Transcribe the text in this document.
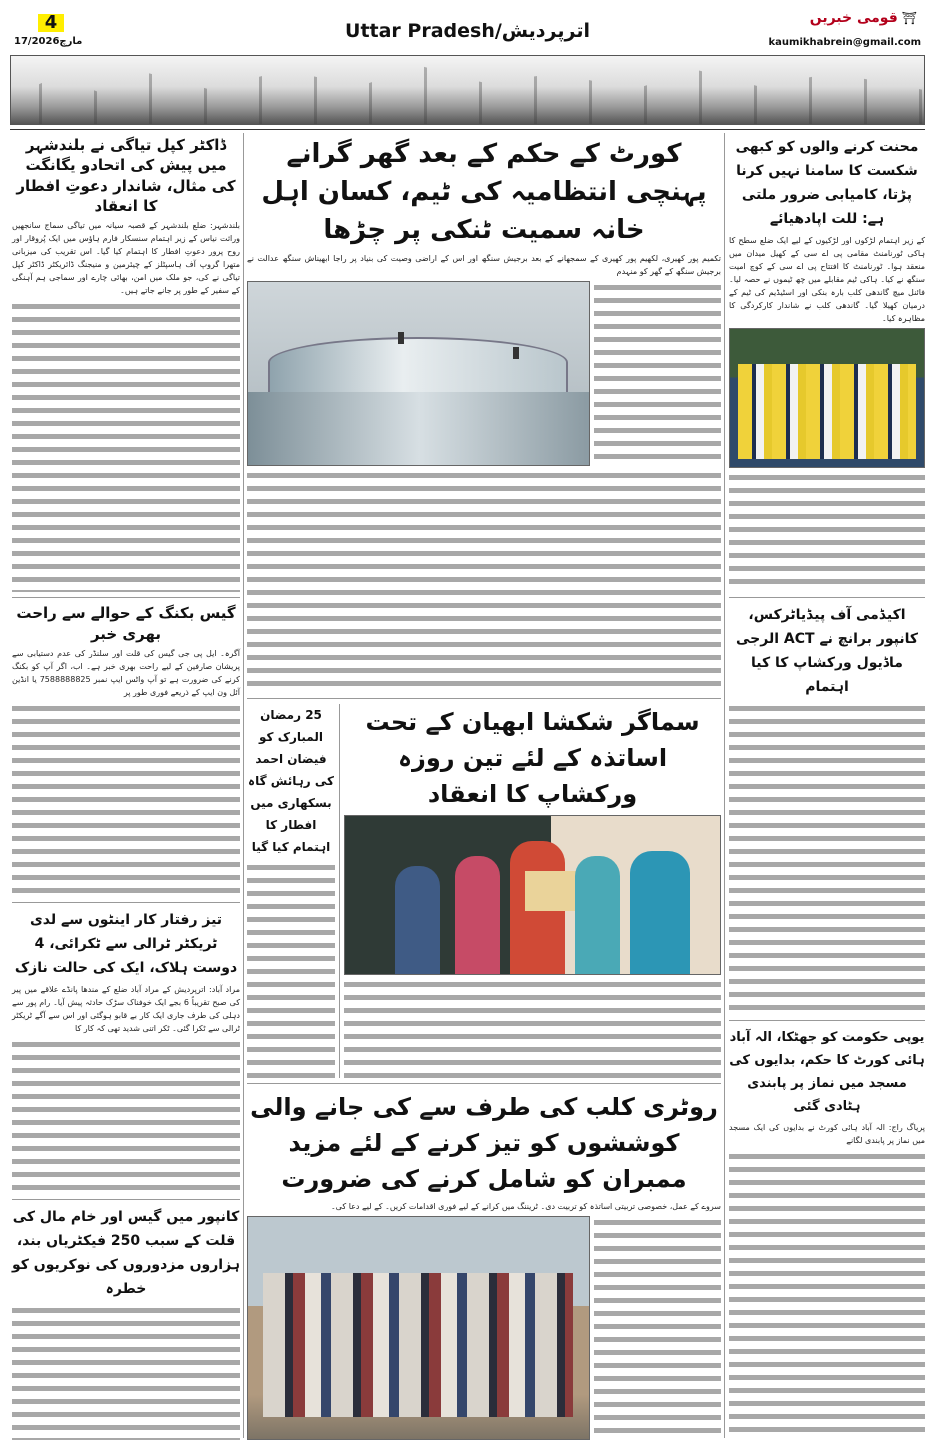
4
17/مارچ2026	Uttar Pradesh/اترپردیش
قومی خبریں ⛩
kaumikhabrein@gmail.com
ڈاکٹر کپل تیاگی نے بلندشہر میں پیش کی اتحادو یگانگت کی مثال، شاندار دعوتِ افطار کا انعقاد
بلندشہر: ضلع بلندشہر کے قصبہ سیانہ میں تیاگی سماج سانجھیں وراثت نیاس کے زیر اہتمام سنسکار فارم ہاؤس میں ایک پُروقار اور روح پرور دعوتِ افطار کا اہتمام کیا گیا۔ اس تقریب کی میزبانی متھرا گروپ آف ہاسپٹلز کے چیئرمین و منیجنگ ڈائریکٹر ڈاکٹر کپل تیاگی نے کی، جو ملک میں امن، بھائی چارے اور سماجی ہم آہنگی کے سفیر کے طور پر جانے جاتے ہیں۔
گیس بکنگ کے حوالے سے راحت بھری خبر
آگرہ۔ ایل پی جی گیس کی قلت اور سلنڈر کی عدم دستیابی سے پریشان صارفین کے لیے راحت بھری خبر ہے۔ اب، اگر آپ کو بکنگ کرنے کی ضرورت ہے تو آپ واٹس ایپ نمبر 7588888825 یا انڈین آئل ون ایپ کے ذریعے فوری طور پر
تیز رفتار کار اینٹوں سے لدی ٹریکٹر ٹرالی سے ٹکرائی، 4 دوست ہلاک، ایک کی حالت نازک
مراد آباد: اترپردیش کے مراد آباد ضلع کے مندھا پانڈے علاقے میں پیر کی صبح تقریباً 6 بجے ایک خوفناک سڑک حادثہ پیش آیا۔ رام پور سے دہلی کی طرف جاری ایک کار بے قابو ہوگئی اور اس سے آگے ٹریکٹر ٹرالی سے ٹکرا گئی۔ ٹکر اتنی شدید تھی کہ کار کا
کانپور میں گیس اور خام مال کی قلت کے سبب 250 فیکٹریاں بند، ہزاروں مزدوروں کی نوکریوں کو خطرہ
کورٹ کے حکم کے بعد گھر گرانے پہنچی انتظامیہ کی ٹیم، کسان اہل خانہ سمیت ٹنکی پر چڑھا
تکمیم پور کھیری، لکھیم پور کھیری کے سمجھانے کے بعد برجیش سنگھ اور اس کے اراضی وصیت کی بنیاد پر راجا ابھیناش سنگھ عدالت نے برجیش سنگھ کے گھر کو منہدم
25 رمضان المبارک کو فیضان احمد کی رہائش گاہ بسکھاری میں افطار کا اہتمام کیا گیا
سماگر شکشا ابھیان کے تحت اساتذہ کے لئے تین روزہ ورکشاپ کا انعقاد
روٹری کلب کی طرف سے کی جانے والی کوششوں کو تیز کرنے کے لئے مزید ممبران کو شامل کرنے کی ضرورت
سروے کے عمل، خصوصی تربیتی اساتذہ کو تربیت دی۔ ٹریننگ میں کرانے کے لیے فوری اقدامات کریں۔ کے لیے دعا کی۔
محنت کرنے والوں کو کبھی شکست کا سامنا نہیں کرنا پڑتا، کامیابی ضرور ملتی ہے: للت اپادھیائے
کے زیر اہتمام لڑکوں اور لڑکیوں کے لیے ایک ضلع سطح کا ہاکی ٹورنامنٹ مقامی پی اے سی کے کھیل میدان میں منعقد ہوا۔ ٹورنامنٹ کا افتتاح پی اے سی کے کوچ امیت سنگھ نے کیا۔ ہاکی ٹیم مقابلے میں چھ ٹیموں نے حصہ لیا۔ فائنل میچ گاندھی کلب بارہ بنکی اور اسٹیڈیم کی ٹیم کے درمیان کھیلا گیا۔ گاندھی کلب نے شاندار کارکردگی کا مظاہرہ کیا۔
اکیڈمی آف پیڈیاٹرکس، کانپور برانچ نے ACT الرجی ماڈیول ورکشاپ کا کیا اہتمام
یوپی حکومت کو جھٹکا، الہ آباد ہائی کورٹ کا حکم، بدایوں کی مسجد میں نماز پر پابندی ہٹادی گئی
پریاگ راج: الہ آباد ہائی کورٹ نے بدایوں کی ایک مسجد میں نماز پر پابندی لگانے
